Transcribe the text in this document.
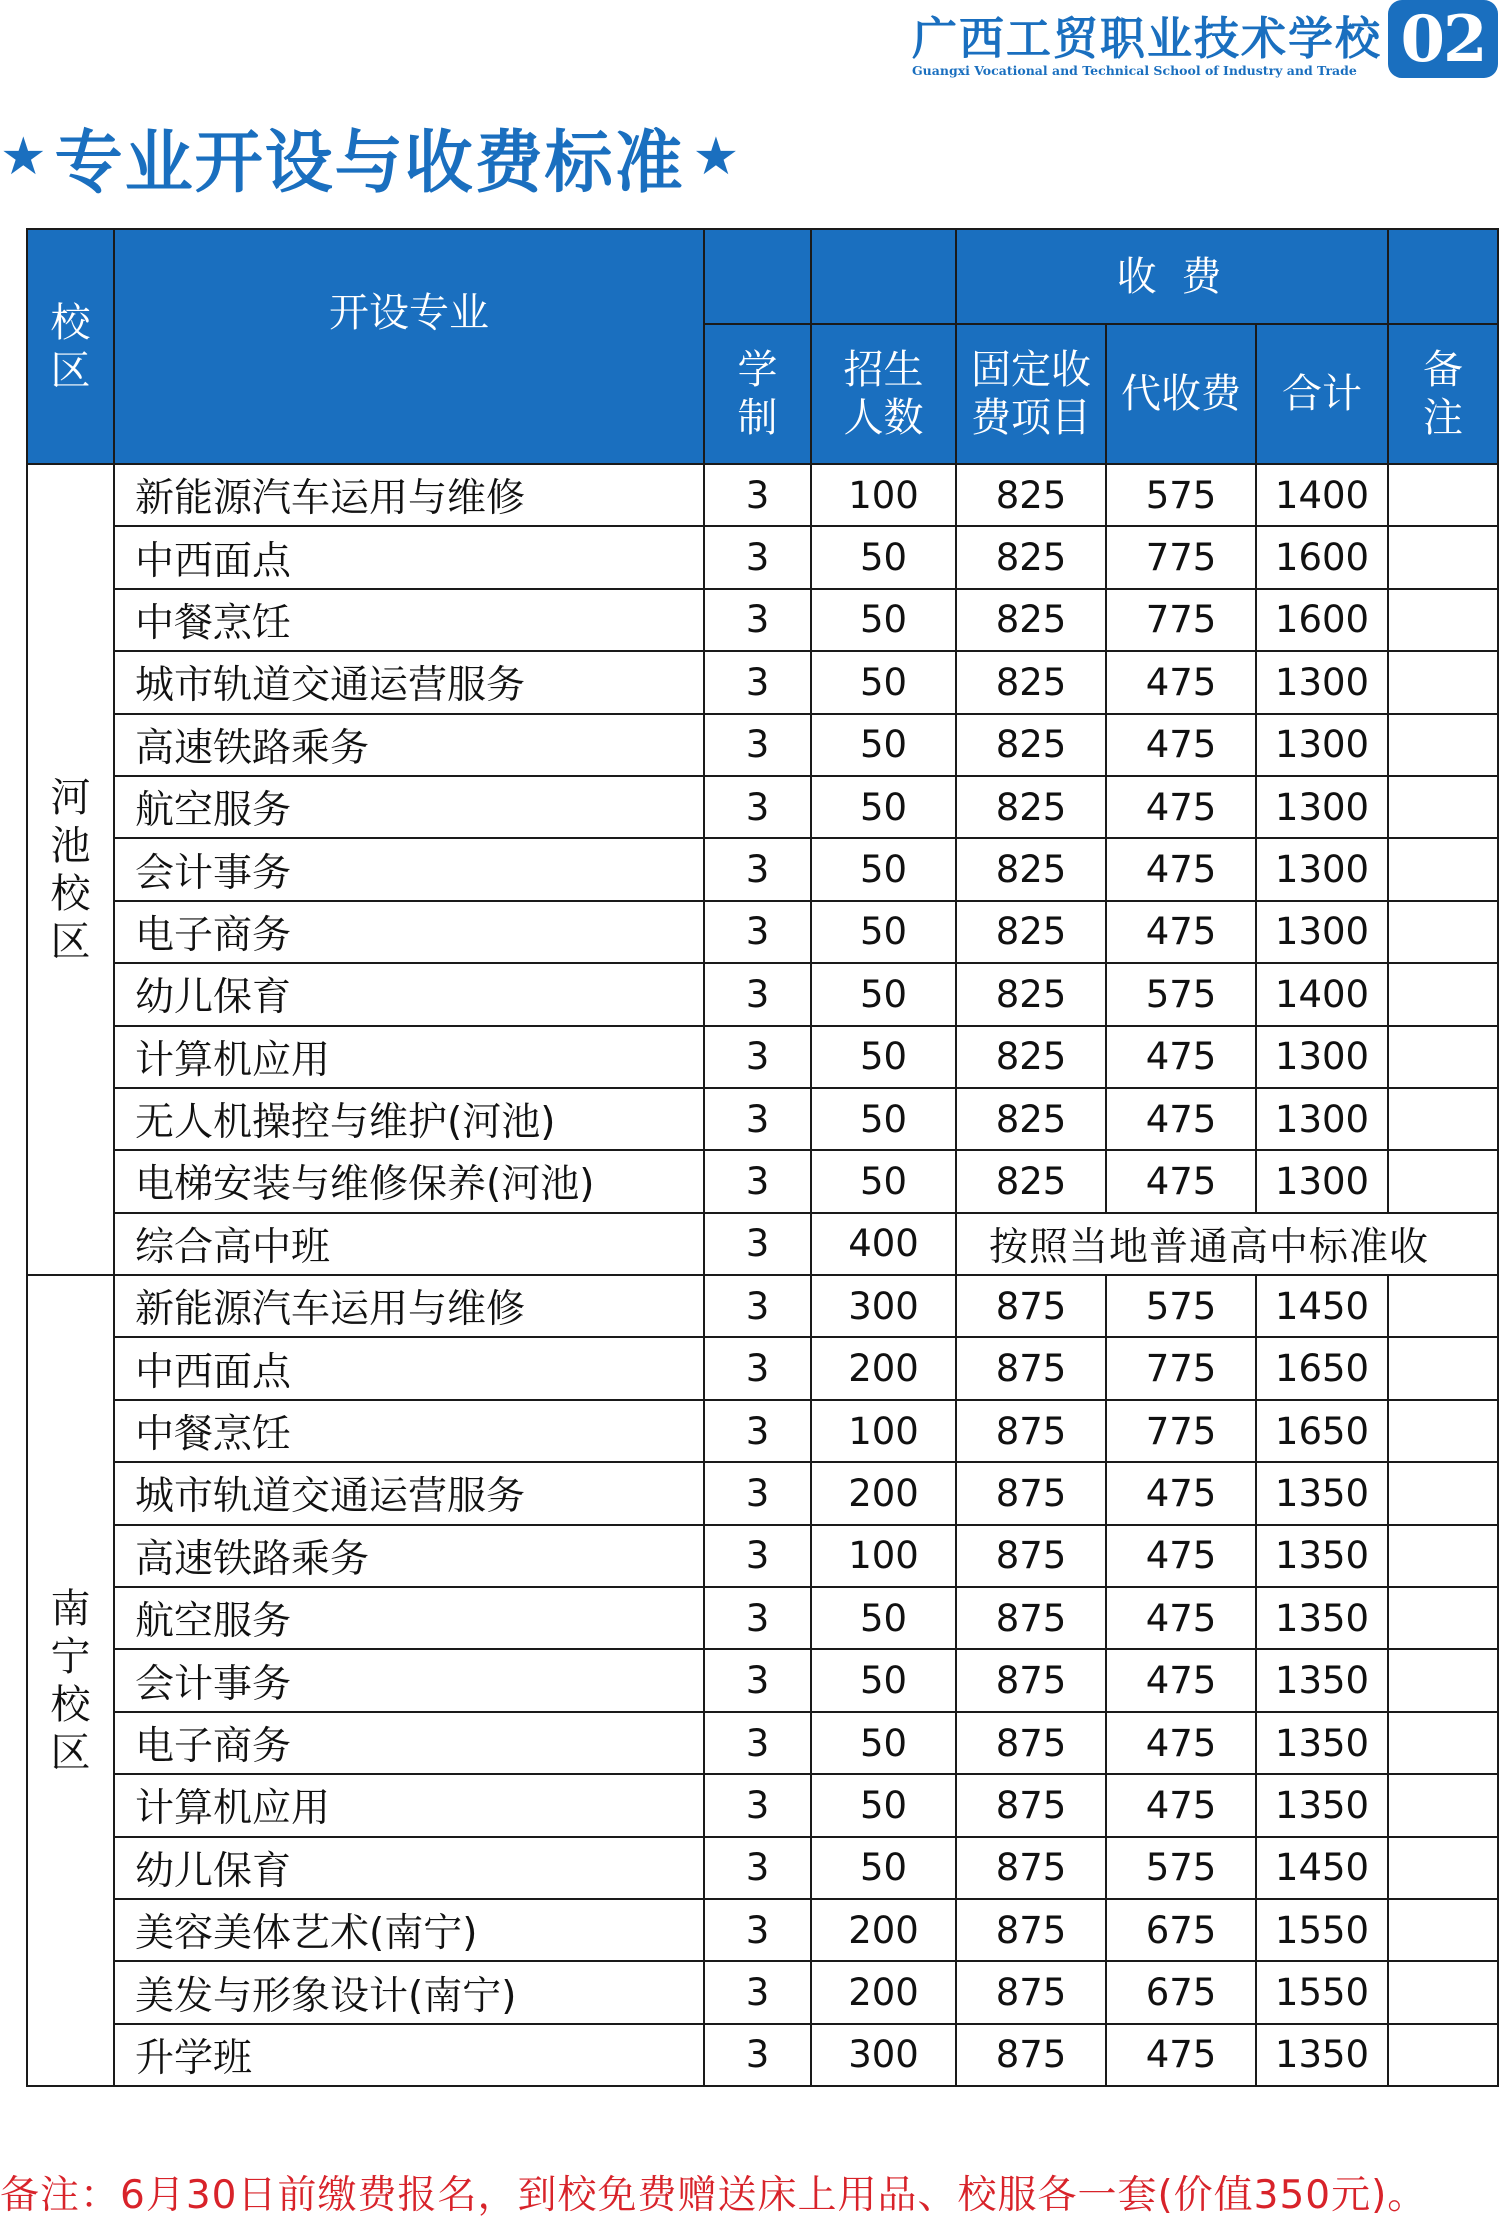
广西工贸职业技术学校
Guangxi Vocational and Technical School of Industry and Trade 02
★ 专业开设与收费标准 ★
校区	开设专业			收 费			
		学制	招生人数	固定收费项目	代收费	合计	备注
河池校区	新能源汽车运用与维修	3	100	825	575	1400	
	中西面点	3	50	825	775	1600	
	中餐烹饪	3	50	825	775	1600	
	城市轨道交通运营服务	3	50	825	475	1300	
	高速铁路乘务	3	50	825	475	1300	
	航空服务	3	50	825	475	1300	
	会计事务	3	50	825	475	1300	
	电子商务	3	50	825	475	1300	
	幼儿保育	3	50	825	575	1400	
	计算机应用	3	50	825	475	1300	
	无人机操控与维护(河池)	3	50	825	475	1300	
	电梯安装与维修保养(河池)	3	50	825	475	1300	
	综合高中班	3	400	按照当地普通高中标准收			
南宁校区	新能源汽车运用与维修	3	300	875	575	1450	
	中西面点	3	200	875	775	1650	
	中餐烹饪	3	100	875	775	1650	
	城市轨道交通运营服务	3	200	875	475	1350	
	高速铁路乘务	3	100	875	475	1350	
	航空服务	3	50	875	475	1350	
	会计事务	3	50	875	475	1350	
	电子商务	3	50	875	475	1350	
	计算机应用	3	50	875	475	1350	
	幼儿保育	3	50	875	575	1450	
	美容美体艺术(南宁)	3	200	875	675	1550	
	美发与形象设计(南宁)	3	200	875	675	1550	
	升学班	3	300	875	475	1350	
备注：6月30日前缴费报名，到校免费赠送床上用品、校服各一套(价值350元)。
